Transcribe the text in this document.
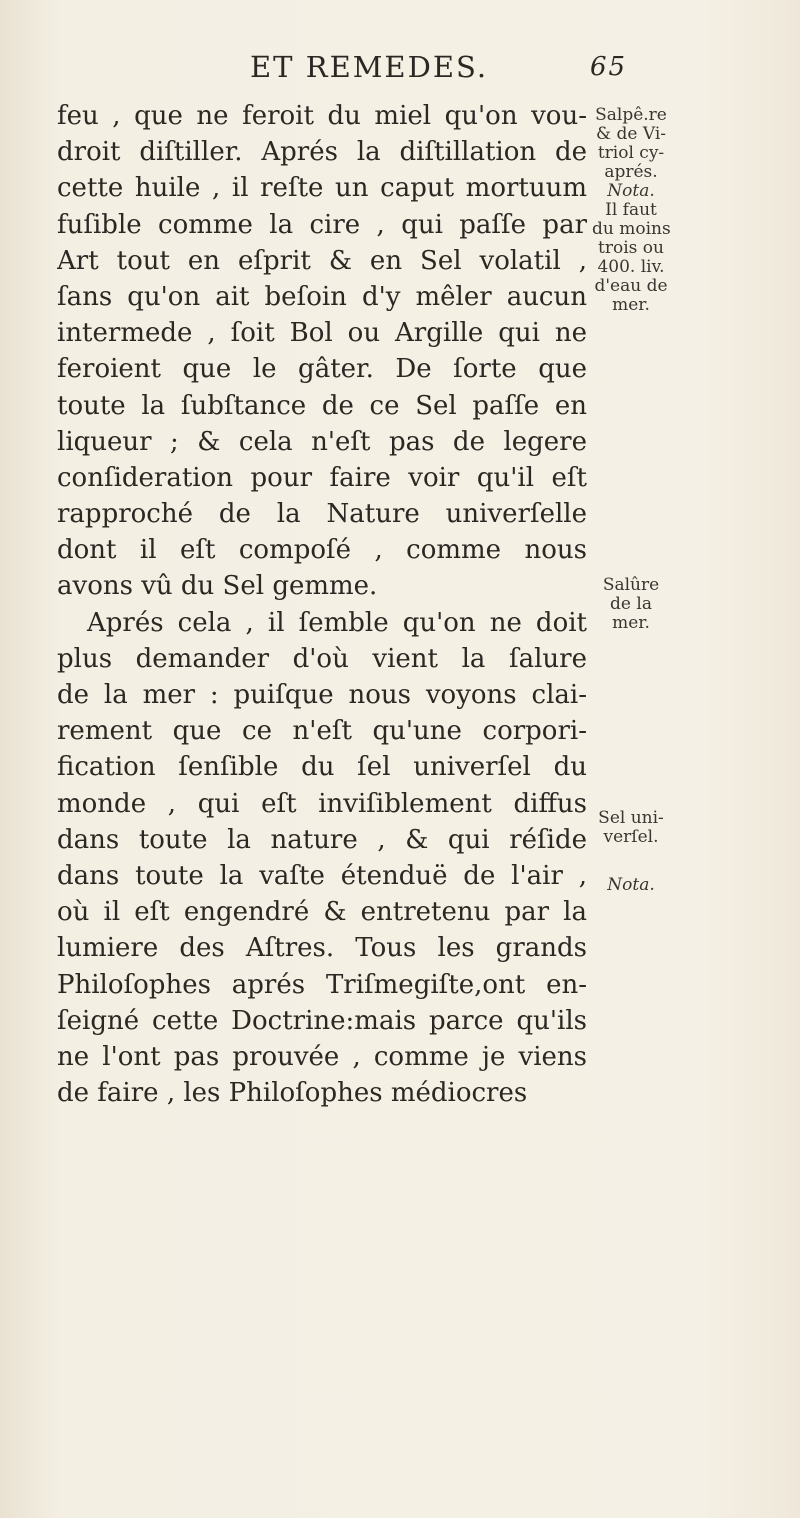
ET REMEDES.	65
feu , que ne feroit du miel qu'on vou-
droit diſtiller. Aprés la diſtillation de
cette huile , il reſte un caput mortuum
fuſible comme la cire , qui paſſe par
Art tout en eſprit & en Sel volatil ,
ſans qu'on ait beſoin d'y mêler aucun
intermede , ſoit Bol ou Argille qui ne
feroient que le gâter. De ſorte que
toute la ſubſtance de ce Sel paſſe en
liqueur ; & cela n'eſt pas de legere
conſideration pour faire voir qu'il eſt
rapproché de la Nature univerſelle
dont il eſt compoſé , comme nous
avons vû du Sel gemme.
Aprés cela , il ſemble qu'on ne doit
plus demander d'où vient la ſalure
de la mer : puiſque nous voyons clai-
rement que ce n'eſt qu'une corpori-
fication ſenſible du ſel univerſel du
monde , qui eſt inviſiblement diffus
dans toute la nature , & qui réſide
dans toute la vaſte étenduë de l'air ,
où il eſt engendré & entretenu par la
lumiere des Aſtres. Tous les grands
Philoſophes aprés Triſmegiſte,ont en-
ſeigné cette Doctrine:mais parce qu'ils
ne l'ont pas prouvée , comme je viens
de faire , les Philoſophes médiocres
Salpê.re
& de Vi-
triol cy-
aprés.
Nota.
Il faut
du moins
trois ou
400. liv.
d'eau de
mer.
Salûre
de la
mer.
Sel uni-
verſel.
Nota.
